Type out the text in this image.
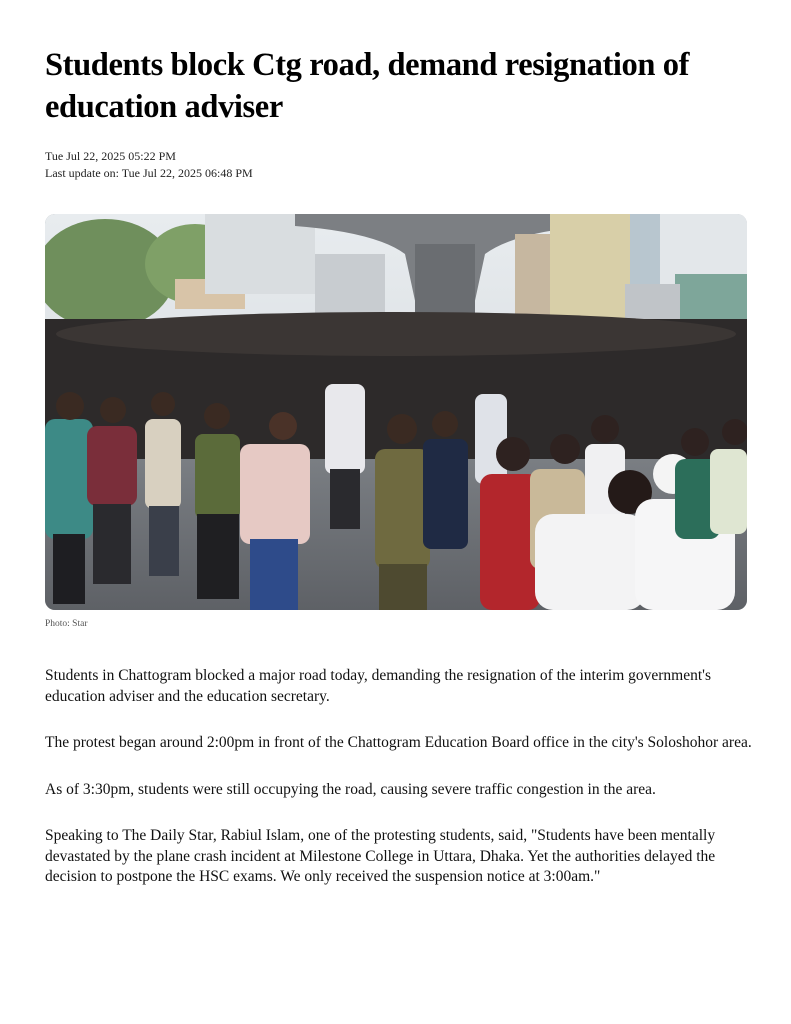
Students block Ctg road, demand resignation of education adviser
Tue Jul 22, 2025 05:22 PM
Last update on: Tue Jul 22, 2025 06:48 PM
Photo: Star

Students in Chattogram blocked a major road today, demanding the resignation of the interim government's education adviser and the education secretary.

The protest began around 2:00pm in front of the Chattogram Education Board office in the city's Soloshohor area.

As of 3:30pm, students were still occupying the road, causing severe traffic congestion in the area.

Speaking to The Daily Star, Rabiul Islam, one of the protesting students, said, "Students have been mentally devastated by the plane crash incident at Milestone College in Uttara, Dhaka. Yet the authorities delayed the decision to postpone the HSC exams. We only received the suspension notice at 3:00am."
